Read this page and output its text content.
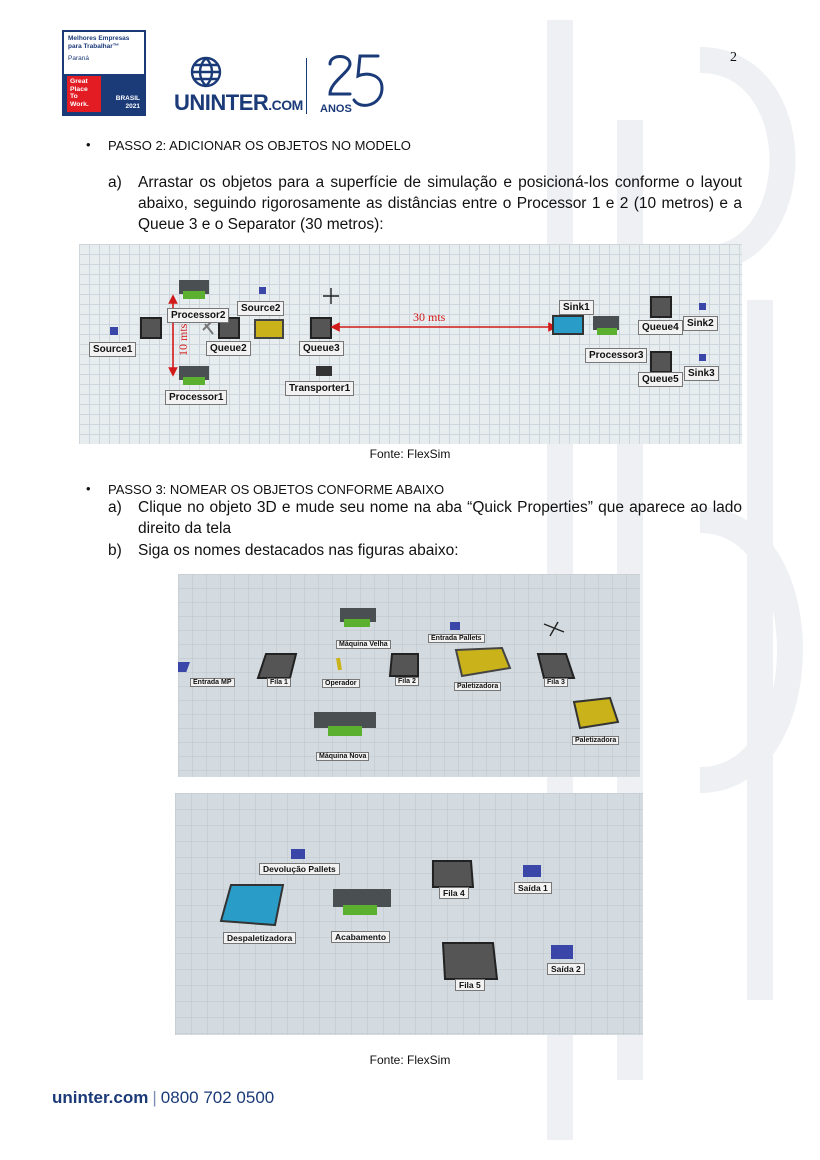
Melhores Empresas
para Trabalhar™
Paraná
Great
Place
To
Work.
BRASIL
2021 UNINTER.COM ANOS
2
• PASSO 2: ADICIONAR OS OBJETOS NO MODELO
a) Arrastar os objetos para a superfície de simulação e posicioná-los conforme o layout abaixo, seguindo rigorosamente as distâncias entre o Processor 1 e 2 (10 metros) e a Queue 3 e o Separator (30 metros):
Source1
Processor2
Source2
Queue2	Queue3
Transporter1
Processor1
Sink1
Queue4 Sink2
Processor3
Queue5
Sink3
10 mts
30 mts
Fonte: FlexSim
• PASSO 3: NOMEAR OS OBJETOS CONFORME ABAIXO
a) Clique no objeto 3D e mude seu nome na aba “Quick Properties” que aparece ao lado direito da tela
b) Siga os nomes destacados nas figuras abaixo:
Máquina Velha
Entrada Pallets
Entrada MP	Fila 1	Operador	Fila 2
Paletizadora
Fila 3
Paletizadora
Máquina Nova
Devolução Pallets
Fila 4	Saída 1
Despaletizadora	Acabamento
Saída 2
Fila 5
Fonte: FlexSim
uninter.com | 0800 702 0500
